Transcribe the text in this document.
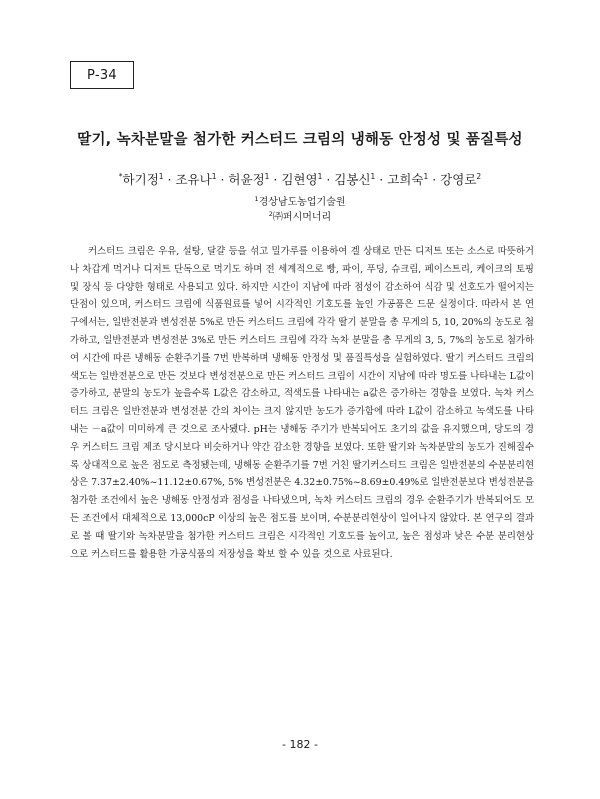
P-34
딸기, 녹차분말을 첨가한 커스터드 크림의 냉해동 안정성 및 품질특성
*하기정$^1$ · 조유나$^1$ · 허윤정$^1$ · 김현영$^1$ · 김봉신$^1$ · 고희숙$^1$ · 강영로$^2$
$^1$경상남도농업기술원
$^2$㈜퍼시머너리

커스터드 크림은 우유, 설탕, 달걀 등을 섞고 밀가루를 이용하여 겔 상태로 만든 디저트 또는 소스로 따뜻하거나 차갑게 먹거나 디저트 단독으로 먹기도 하며 전 세계적으로 빵, 파이, 푸딩, 슈크림, 페이스트리, 케이크의 토핑 및 장식 등 다양한 형태로 사용되고 있다. 하지만 시간이 지남에 따라 점성이 감소하여 식감 및 선호도가 떨어지는 단점이 있으며, 커스터드 크림에 식품원료를 넣어 시각적인 기호도를 높인 가공품은 드문 실정이다. 따라서 본 연구에서는, 일반전분과 변성전분 5%로 만든 커스터드 크림에 각각 딸기 분말을 총 무게의 5, 10, 20%의 농도로 첨가하고, 일반전분과 변성전분 3%로 만든 커스터드 크림에 각각 녹차 분말을 총 무게의 3, 5, 7%의 농도로 첨가하여 시간에 따른 냉해동 순환주기를 7번 반복하며 냉해동 안정성 및 품질특성을 실험하였다. 딸기 커스터드 크림의 색도는 일반전분으로 만든 것보다 변성전분으로 만든 커스터드 크림이 시간이 지남에 따라 명도를 나타내는 L값이 증가하고, 분말의 농도가 높을수록 L값은 감소하고, 적색도를 나타내는 a값은 증가하는 경향을 보였다. 녹차 커스터드 크림은 일반전분과 변성전분 간의 차이는 크지 않지만 농도가 증가함에 따라 L값이 감소하고 녹색도를 나타내는 －a값이 미미하게 큰 것으로 조사됐다. pH는 냉해동 주기가 반복되어도 초기의 값을 유지했으며, 당도의 경우 커스터드 크림 제조 당시보다 비슷하거나 약간 감소한 경향을 보였다. 또한 딸기와 녹차분말의 농도가 진해질수록 상대적으로 높은 점도로 측정됐는데, 냉해동 순환주기를 7번 거친 딸기커스터드 크림은 일반전분의 수분분리현상은 7.37±2.40%~11.12±0.67%, 5% 변성전분은 4.32±0.75%~8.69±0.49%로 일반전분보다 변성전분을 첨가한 조건에서 높은 냉해동 안정성과 점성을 나타냈으며, 녹차 커스터드 크림의 경우 순환주기가 반복되어도 모든 조건에서 대체적으로 13,000cP 이상의 높은 점도를 보이며, 수분분리현상이 일어나지 않았다. 본 연구의 결과로 볼 때 딸기와 녹차분말을 첨가한 커스터드 크림은 시각적인 기호도를 높이고, 높은 점성과 낮은 수분 분리현상으로 커스터드를 활용한 가공식품의 저장성을 확보 할 수 있을 것으로 사료된다.

- 182 -
